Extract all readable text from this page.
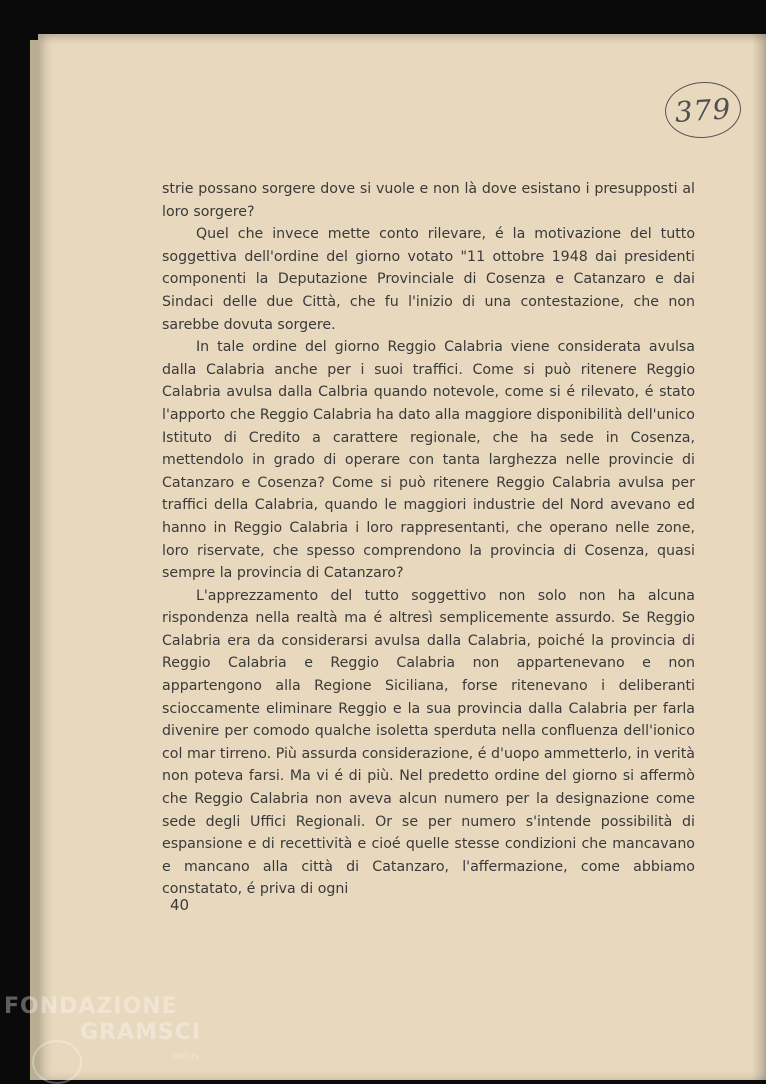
379

strie possano sorgere dove si vuole e non là dove esistano i presupposti al loro sorgere?

Quel che invece mette conto rilevare, é la motivazione del tutto soggettiva dell'ordine del giorno votato "11 ottobre 1948 dai presidenti componenti la Deputazione Provinciale di Cosenza e Catanzaro e dai Sindaci delle due Città, che fu l'inizio di una contestazione, che non sarebbe dovuta sorgere.

In tale ordine del giorno Reggio Calabria viene considerata avulsa dalla Calabria anche per i suoi traffici. Come si può ritenere Reggio Calabria avulsa dalla Calbria quando notevole, come si é rilevato, é stato l'apporto che Reggio Calabria ha dato alla maggiore disponibilità dell'unico Istituto di Credito a carattere regionale, che ha sede in Cosenza, mettendolo in grado di operare con tanta larghezza nelle provincie di Catanzaro e Cosenza? Come si può ritenere Reggio Calabria avulsa per traffici della Calabria, quando le maggiori industrie del Nord avevano ed hanno in Reggio Calabria i loro rappresentanti, che operano nelle zone, loro riservate, che spesso comprendono la provincia di Cosenza, quasi sempre la provincia di Catanzaro?

L'apprezzamento del tutto soggettivo non solo non ha alcuna rispondenza nella realtà ma é altresì semplicemente assurdo. Se Reggio Calabria era da considerarsi avulsa dalla Calabria, poiché la provincia di Reggio Calabria e Reggio Calabria non appartenevano e non appartengono alla Regione Siciliana, forse ritenevano i deliberanti scioccamente eliminare Reggio e la sua provincia dalla Calabria per farla divenire per comodo qualche isoletta sperduta nella confluenza dell'ionico col mar tirreno. Più assurda considerazione, é d'uopo ammetterlo, in verità non poteva farsi. Ma vi é di più. Nel predetto ordine del giorno si affermò che Reggio Calabria non aveva alcun numero per la designazione come sede degli Uffici Regionali. Or se per numero s'intende possibilità di espansione e di recettività e cioé quelle stesse condizioni che mancavano e mancano alla città di Catanzaro, l'affermazione, come abbiamo constatato, é priva di ogni

40
FONDAZIONE
GRAMSCI
onlus
